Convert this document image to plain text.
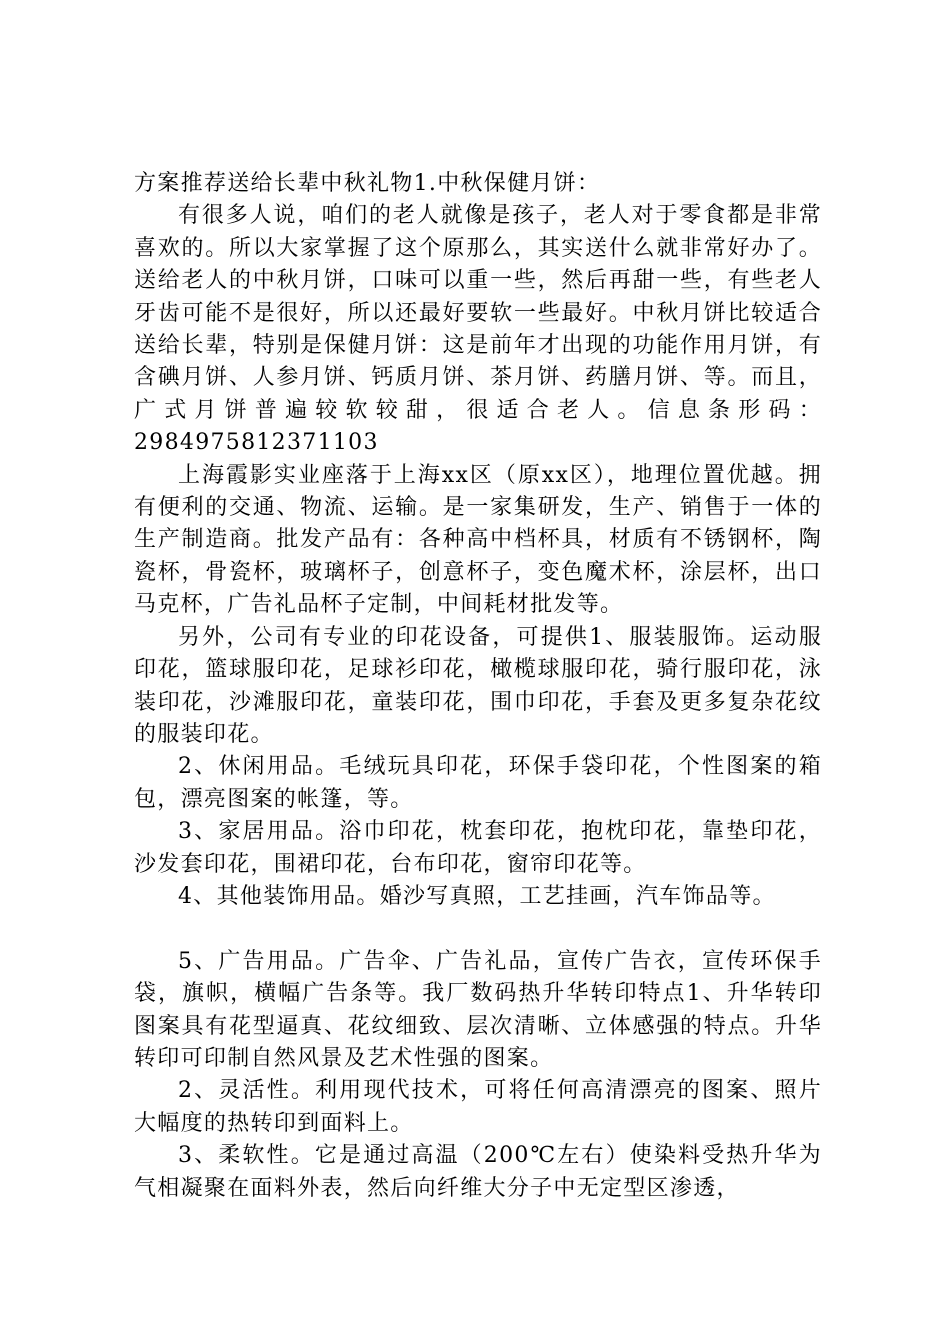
方案推荐送给长辈中秋礼物1.中秋保健月饼：

有很多人说，咱们的老人就像是孩子，老人对于零食都是非常喜欢的。所以大家掌握了这个原那么，其实送什么就非常好办了。送给老人的中秋月饼，口味可以重一些，然后再甜一些，有些老人牙齿可能不是很好，所以还最好要软一些最好。中秋月饼比较适合送给长辈，特别是保健月饼：这是前年才出现的功能作用月饼，有含碘月饼、人参月饼、钙质月饼、茶月饼、药膳月饼、等。而且，广式月饼普遍较软较甜，很适合老人。信息条形码：2984975812371103

上海霞影实业座落于上海xx区（原xx区），地理位置优越。拥有便利的交通、物流、运输。是一家集研发，生产、销售于一体的生产制造商。批发产品有：各种高中档杯具，材质有不锈钢杯，陶瓷杯，骨瓷杯，玻璃杯子，创意杯子，变色魔术杯，涂层杯，出口马克杯，广告礼品杯子定制，中间耗材批发等。

另外，公司有专业的印花设备，可提供1、服装服饰。运动服印花，篮球服印花，足球衫印花，橄榄球服印花，骑行服印花，泳装印花，沙滩服印花，童装印花，围巾印花，手套及更多复杂花纹的服装印花。

2、休闲用品。毛绒玩具印花，环保手袋印花，个性图案的箱包，漂亮图案的帐篷，等。

3、家居用品。浴巾印花，枕套印花，抱枕印花，靠垫印花，沙发套印花，围裙印花，台布印花，窗帘印花等。

4、其他装饰用品。婚沙写真照，工艺挂画，汽车饰品等。

5、广告用品。广告伞、广告礼品，宣传广告衣，宣传环保手袋，旗帜，横幅广告条等。我厂数码热升华转印特点1、升华转印图案具有花型逼真、花纹细致、层次清晰、立体感强的特点。升华转印可印制自然风景及艺术性强的图案。

2、灵活性。利用现代技术，可将任何高清漂亮的图案、照片大幅度的热转印到面料上。

3、柔软性。它是通过高温（200℃左右）使染料受热升华为气相凝聚在面料外表，然后向纤维大分子中无定型区渗透，
